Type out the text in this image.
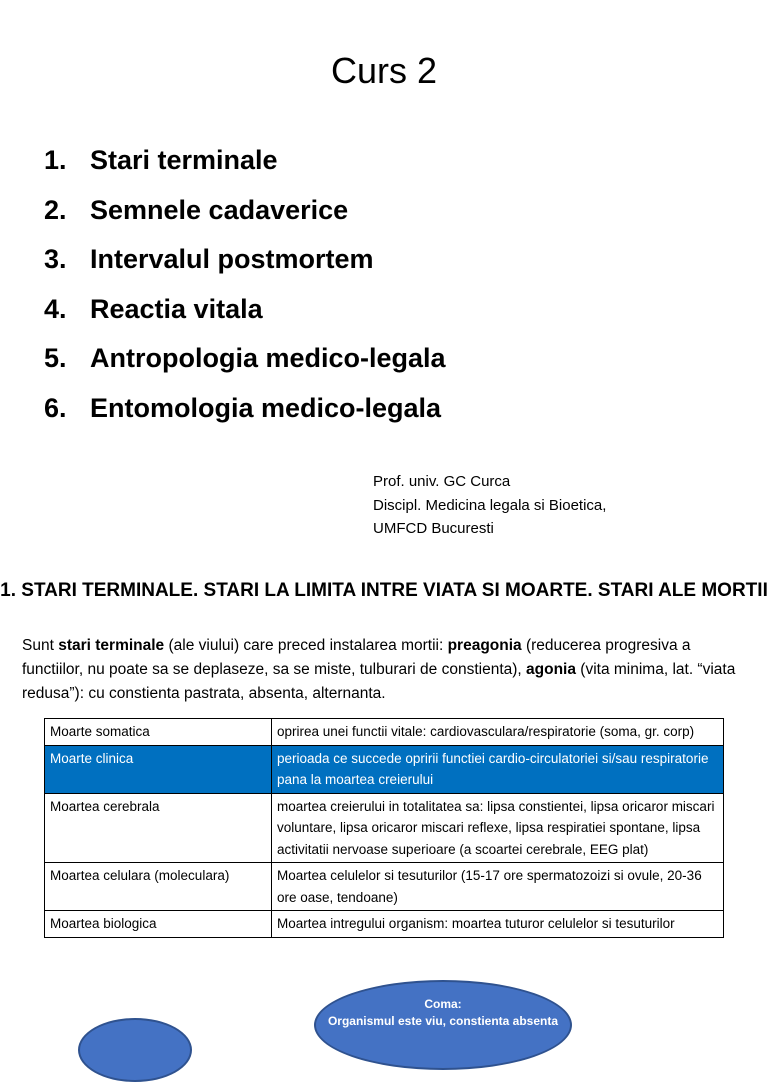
Curs 2
1. Stari terminale
2. Semnele cadaverice
3. Intervalul postmortem
4. Reactia vitala
5. Antropologia medico-legala
6. Entomologia medico-legala
Prof. univ. GC Curca
Discipl. Medicina legala si Bioetica,
UMFCD Bucuresti
1. STARI TERMINALE. STARI LA LIMITA INTRE VIATA SI MOARTE. STARI ALE MORTII
Sunt stari terminale (ale viului) care preced instalarea mortii: preagonia (reducerea progresiva a functiilor, nu poate sa se deplaseze, sa se miste, tulburari de constienta), agonia (vita minima, lat. “viata redusa”): cu constienta pastrata, absenta, alternanta.
Moarte somatica	oprirea unei functii vitale: cardiovasculara/respiratorie (soma, gr. corp)
Moarte clinica	perioada ce succede opririi functiei cardio-circulatoriei si/sau respiratorie pana la moartea creierului
Moartea cerebrala	moartea creierului in totalitatea sa: lipsa constientei, lipsa oricaror miscari voluntare, lipsa oricaror miscari reflexe, lipsa respiratiei spontane, lipsa activitatii nervoase superioare (a scoartei cerebrale, EEG plat)
Moartea celulara (moleculara)	Moartea celulelor si tesuturilor (15-17 ore spermatozoizi si ovule, 20-36 ore oase, tendoane)
Moartea biologica	Moartea intregului organism: moartea tuturor celulelor si tesuturilor
Coma:
Organismul este viu, constienta absenta
